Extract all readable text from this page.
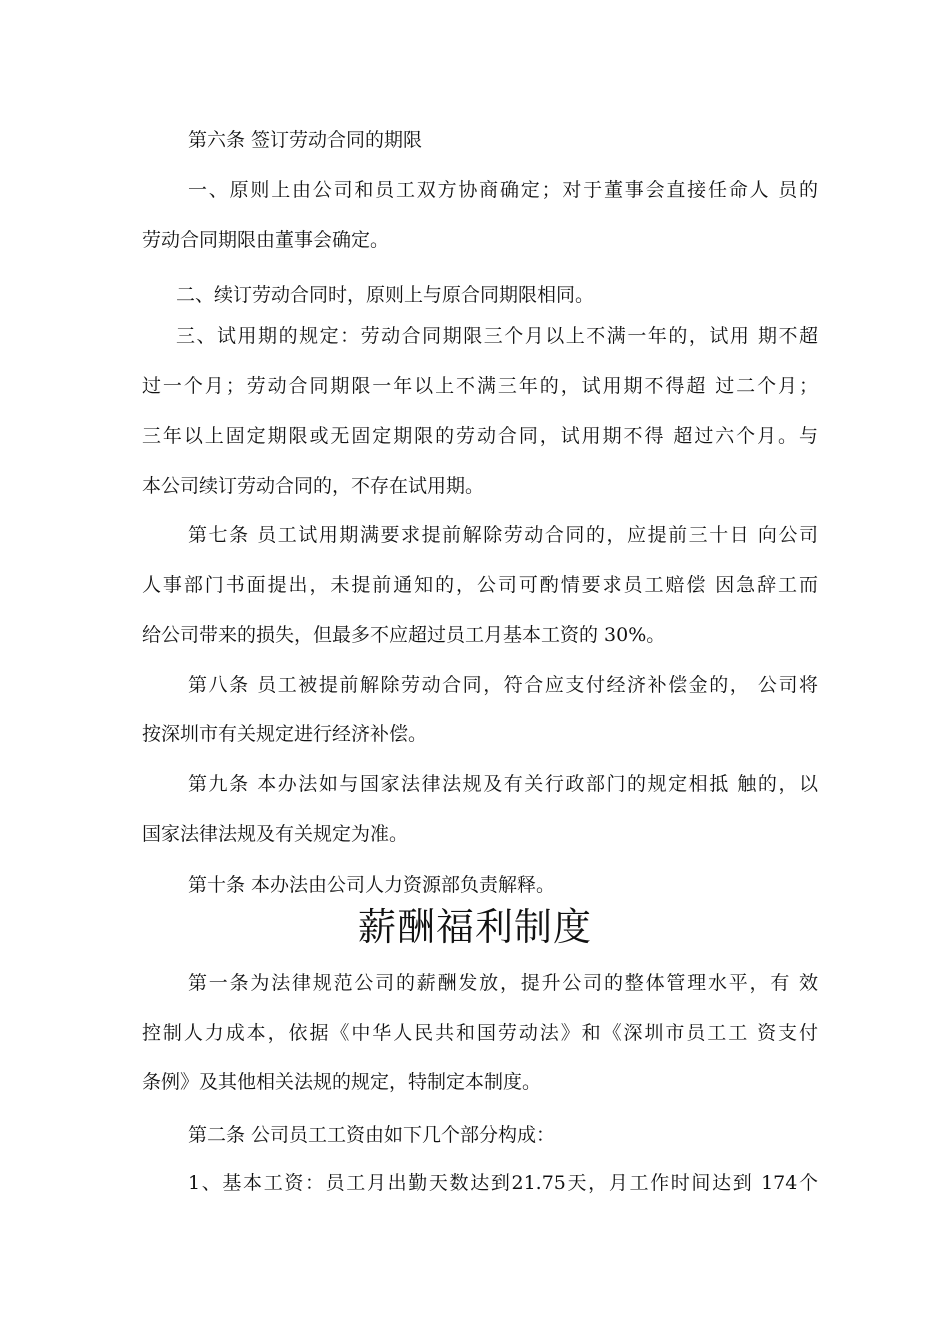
第六条 签订劳动合同的期限
一、原则上由公司和员工双方协商确定；对于董事会直接任命人 员的
劳动合同期限由董事会确定。
二、续订劳动合同时，原则上与原合同期限相同。
三、试用期的规定：劳动合同期限三个月以上不满一年的，试用 期不超
过一个月；劳动合同期限一年以上不满三年的，试用期不得超 过二个月；
三年以上固定期限或无固定期限的劳动合同，试用期不得 超过六个月。与
本公司续订劳动合同的，不存在试用期。
第七条 员工试用期满要求提前解除劳动合同的，应提前三十日 向公司
人事部门书面提出，未提前通知的，公司可酌情要求员工赔偿 因急辞工而
给公司带来的损失，但最多不应超过员工月基本工资的 30%。
第八条 员工被提前解除劳动合同，符合应支付经济补偿金的， 公司将
按深圳市有关规定进行经济补偿。
第九条 本办法如与国家法律法规及有关行政部门的规定相抵 触的，以
国家法律法规及有关规定为准。
第十条 本办法由公司人力资源部负责解释。
薪酬福利制度
第一条为法律规范公司的薪酬发放，提升公司的整体管理水平，有 效
控制人力成本，依据《中华人民共和国劳动法》和《深圳市员工工 资支付
条例》及其他相关法规的规定，特制定本制度。
第二条 公司员工工资由如下几个部分构成：
1、基本工资：员工月出勤天数达到21.75天，月工作时间达到 174个
